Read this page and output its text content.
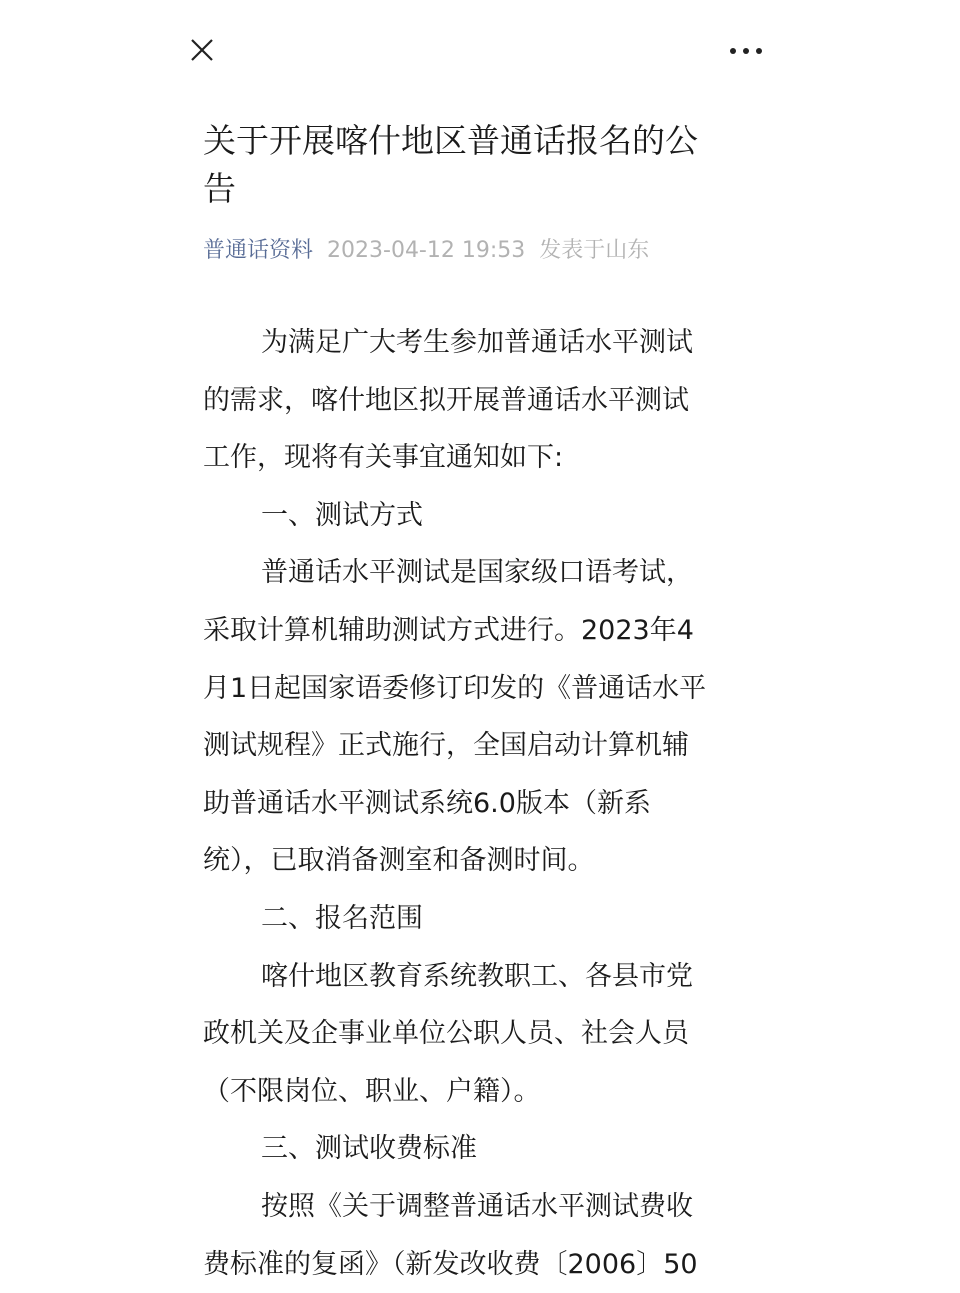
关于开展喀什地区普通话报名的公
告
普通话资料 2023-04-12 19:53 发表于山东
为满足广大考生参加普通话水平测试
的需求，喀什地区拟开展普通话水平测试
工作，现将有关事宜通知如下:
一、测试方式
普通话水平测试是国家级口语考试，
采取计算机辅助测试方式进行。2023年4
月1日起国家语委修订印发的《普通话水平
测试规程》正式施行，全国启动计算机辅
助普通话水平测试系统6.0版本（新系
统），已取消备测室和备测时间。
二、报名范围
喀什地区教育系统教职工、各县市党
政机关及企事业单位公职人员、社会人员
（不限岗位、职业、户籍）。
三、测试收费标准
按照《关于调整普通话水平测试费收
费标准的复函》（新发改收费〔2006〕50
